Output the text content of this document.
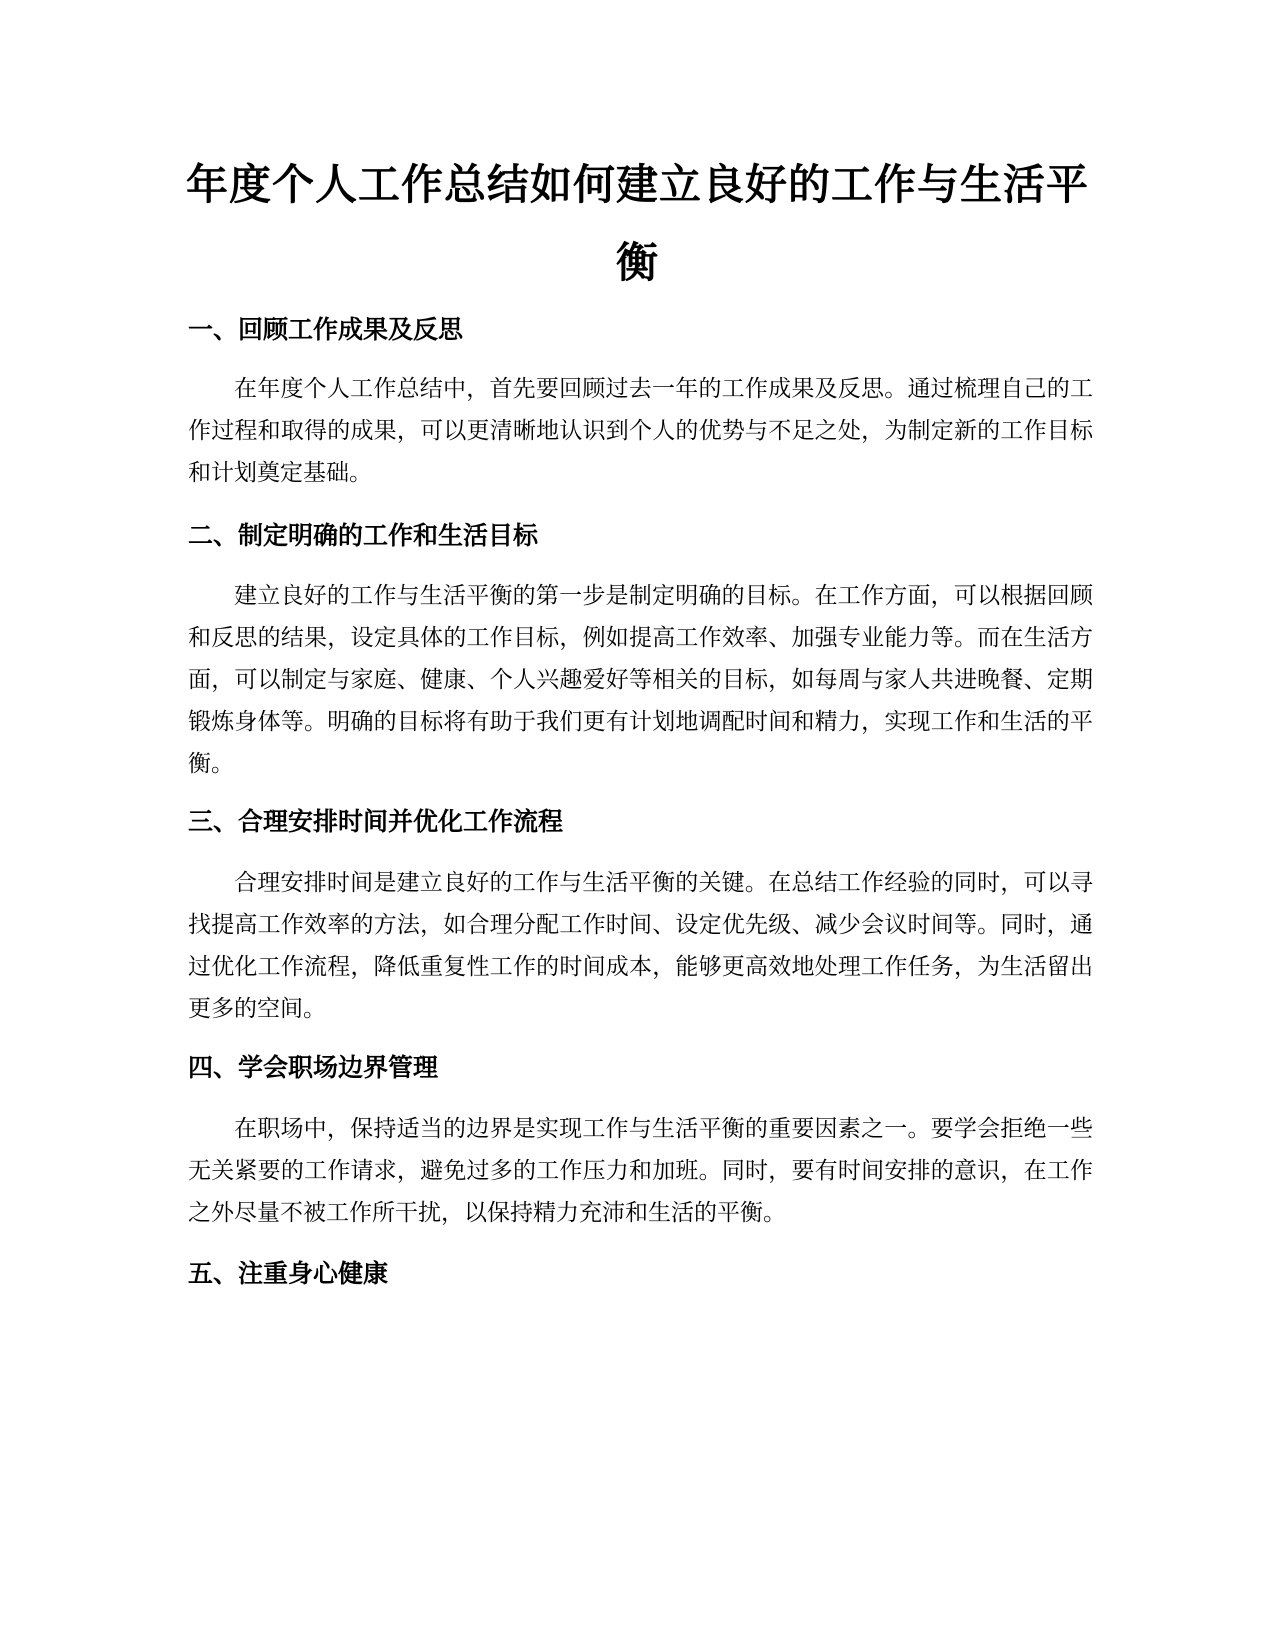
年度个人工作总结如何建立良好的工作与生活平衡
一、回顾工作成果及反思

在年度个人工作总结中，首先要回顾过去一年的工作成果及反思。通过梳理自己的工作过程和取得的成果，可以更清晰地认识到个人的优势与不足之处，为制定新的工作目标和计划奠定基础。

二、制定明确的工作和生活目标

建立良好的工作与生活平衡的第一步是制定明确的目标。在工作方面，可以根据回顾和反思的结果，设定具体的工作目标，例如提高工作效率、加强专业能力等。而在生活方面，可以制定与家庭、健康、个人兴趣爱好等相关的目标，如每周与家人共进晚餐、定期锻炼身体等。明确的目标将有助于我们更有计划地调配时间和精力，实现工作和生活的平衡。

三、合理安排时间并优化工作流程

合理安排时间是建立良好的工作与生活平衡的关键。在总结工作经验的同时，可以寻找提高工作效率的方法，如合理分配工作时间、设定优先级、减少会议时间等。同时，通过优化工作流程，降低重复性工作的时间成本，能够更高效地处理工作任务，为生活留出更多的空间。

四、学会职场边界管理

在职场中，保持适当的边界是实现工作与生活平衡的重要因素之一。要学会拒绝一些无关紧要的工作请求，避免过多的工作压力和加班。同时，要有时间安排的意识，在工作之外尽量不被工作所干扰，以保持精力充沛和生活的平衡。

五、注重身心健康
